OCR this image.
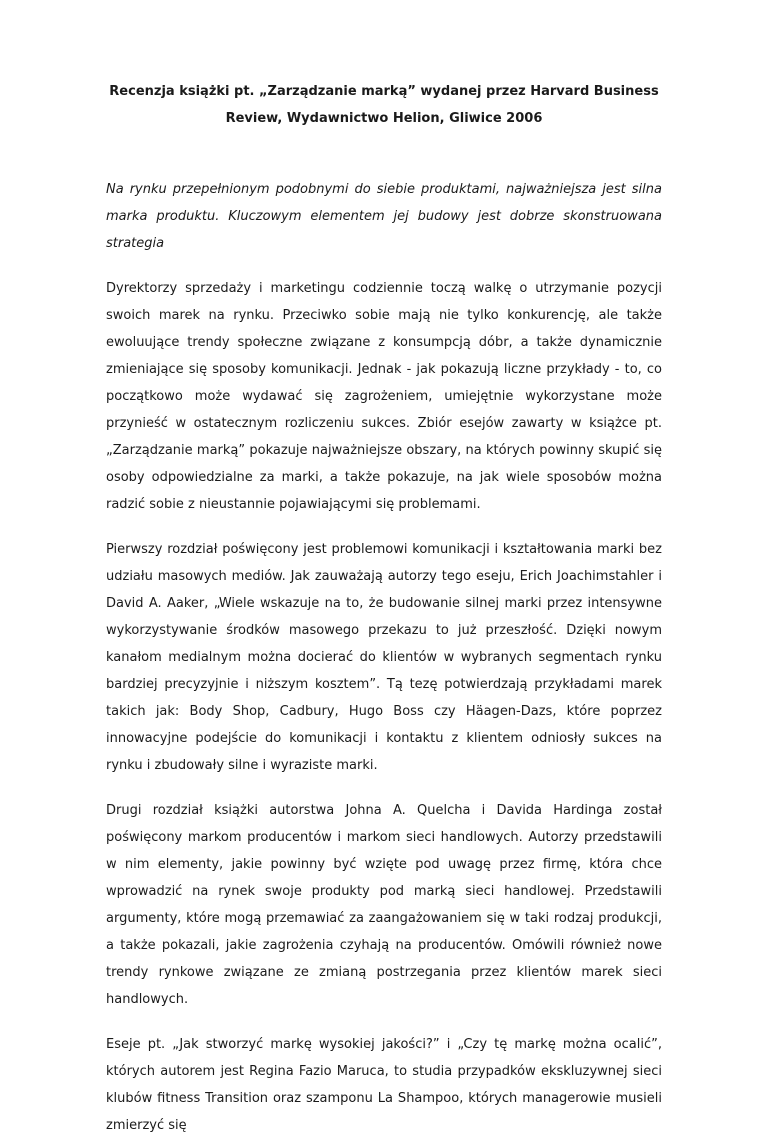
Recenzja książki pt. „Zarządzanie marką” wydanej przez Harvard Business Review, Wydawnictwo Helion, Gliwice 2006

Na rynku przepełnionym podobnymi do siebie produktami, najważniejsza jest silna marka produktu. Kluczowym elementem jej budowy jest dobrze skonstruowana strategia

Dyrektorzy sprzedaży i marketingu codziennie toczą walkę o utrzymanie pozycji swoich marek na rynku. Przeciwko sobie mają nie tylko konkurencję, ale także ewoluujące trendy społeczne związane z konsumpcją dóbr, a także dynamicznie zmieniające się sposoby komunikacji. Jednak - jak pokazują liczne przykłady - to, co początkowo może wydawać się zagrożeniem, umiejętnie wykorzystane może przynieść w ostatecznym rozliczeniu sukces. Zbiór esejów zawarty w książce pt. „Zarządzanie marką” pokazuje najważniejsze obszary, na których powinny skupić się osoby odpowiedzialne za marki, a także pokazuje, na jak wiele sposobów można radzić sobie z nieustannie pojawiającymi się problemami.

Pierwszy rozdział poświęcony jest problemowi komunikacji i kształtowania marki bez udziału masowych mediów. Jak zauważają autorzy tego eseju, Erich Joachimstahler i David A. Aaker, „Wiele wskazuje na to, że budowanie silnej marki przez intensywne wykorzystywanie środków masowego przekazu to już przeszłość. Dzięki nowym kanałom medialnym można docierać do klientów w wybranych segmentach rynku bardziej precyzyjnie i niższym kosztem”. Tą tezę potwierdzają przykładami marek takich jak: Body Shop, Cadbury, Hugo Boss czy Häagen-Dazs, które poprzez innowacyjne podejście do komunikacji i kontaktu z klientem odniosły sukces na rynku i zbudowały silne i wyraziste marki.

Drugi rozdział książki autorstwa Johna A. Quelcha i Davida Hardinga został poświęcony markom producentów i markom sieci handlowych. Autorzy przedstawili w nim elementy, jakie powinny być wzięte pod uwagę przez firmę, która chce wprowadzić na rynek swoje produkty pod marką sieci handlowej. Przedstawili argumenty, które mogą przemawiać za zaangażowaniem się w taki rodzaj produkcji, a także pokazali, jakie zagrożenia czyhają na producentów. Omówili również nowe trendy rynkowe związane ze zmianą postrzegania przez klientów marek sieci handlowych.

Eseje pt. „Jak stworzyć markę wysokiej jakości?” i „Czy tę markę można ocalić”, których autorem jest Regina Fazio Maruca, to studia przypadków ekskluzywnej sieci klubów fitness Transition oraz szamponu La Shampoo, których managerowie musieli zmierzyć się
